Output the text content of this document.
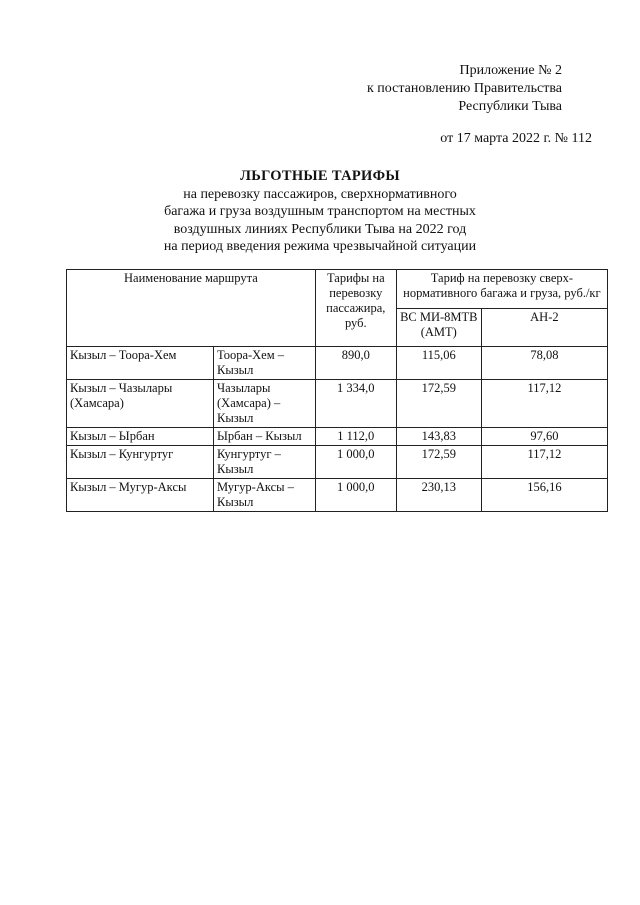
Приложение № 2
к постановлению Правительства
Республики Тыва
от 17 марта 2022 г. № 112
ЛЬГОТНЫЕ ТАРИФЫ
на перевозку пассажиров, сверхнормативного
багажа и груза воздушным транспортом на местных
воздушных линиях Республики Тыва на 2022 год
на период введения режима чрезвычайной ситуации
Наименование маршрута		Тарифы на перевозку пассажира, руб.	Тариф на перевозку сверх-нормативного багажа и груза, руб./кг	
			ВС МИ-8МТВ (АМТ)	АН-2
Кызыл – Тоора-Хем	Тоора-Хем – Кызыл	890,0	115,06	78,08
Кызыл – Чазылары (Хамсара)	Чазылары (Хамсара) – Кызыл	1 334,0	172,59	117,12
Кызыл – Ырбан	Ырбан – Кызыл	1 112,0	143,83	97,60
Кызыл – Кунгуртуг	Кунгуртуг – Кызыл	1 000,0	172,59	117,12
Кызыл – Мугур-Аксы	Мугур-Аксы – Кызыл	1 000,0	230,13	156,16
